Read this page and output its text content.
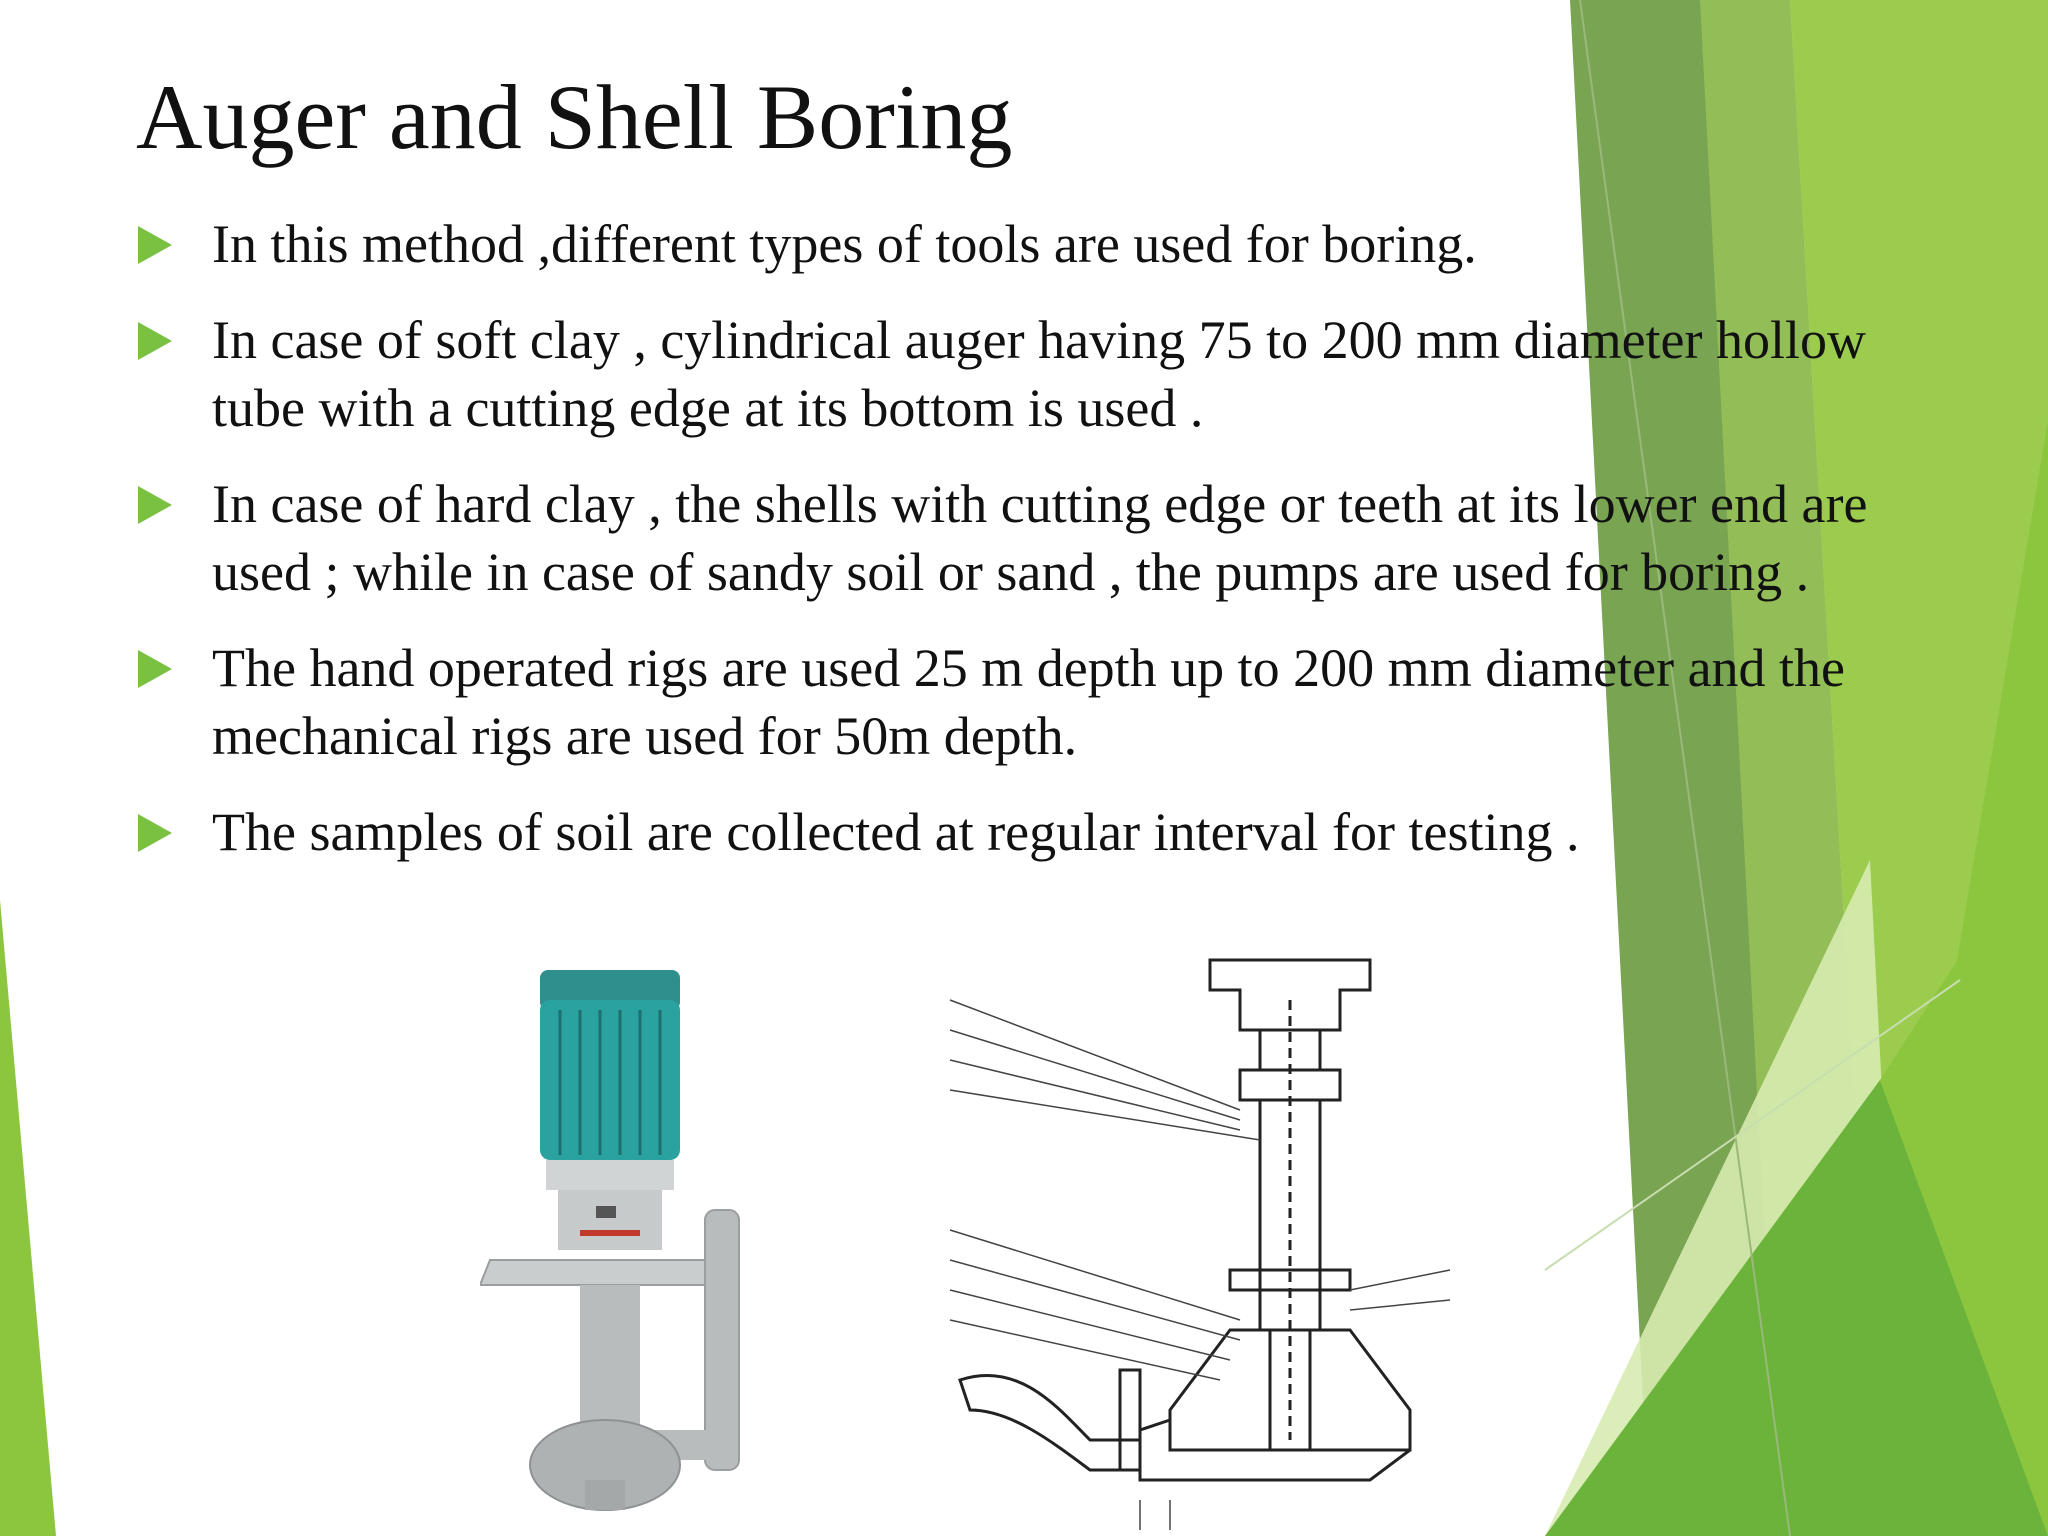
Auger and Shell Boring
In this method ,different types of tools are used for boring.
In case of soft clay , cylindrical auger having 75 to 200 mm diameter hollow tube with a cutting edge at its bottom is used .
In case of hard clay , the shells with cutting edge or teeth at its lower end are used ; while in case of sandy soil or sand , the pumps are used for boring .
The hand operated rigs are used 25 m depth up to 200 mm diameter and the mechanical rigs are used for 50m depth.
The samples of soil are collected at regular interval for testing .
